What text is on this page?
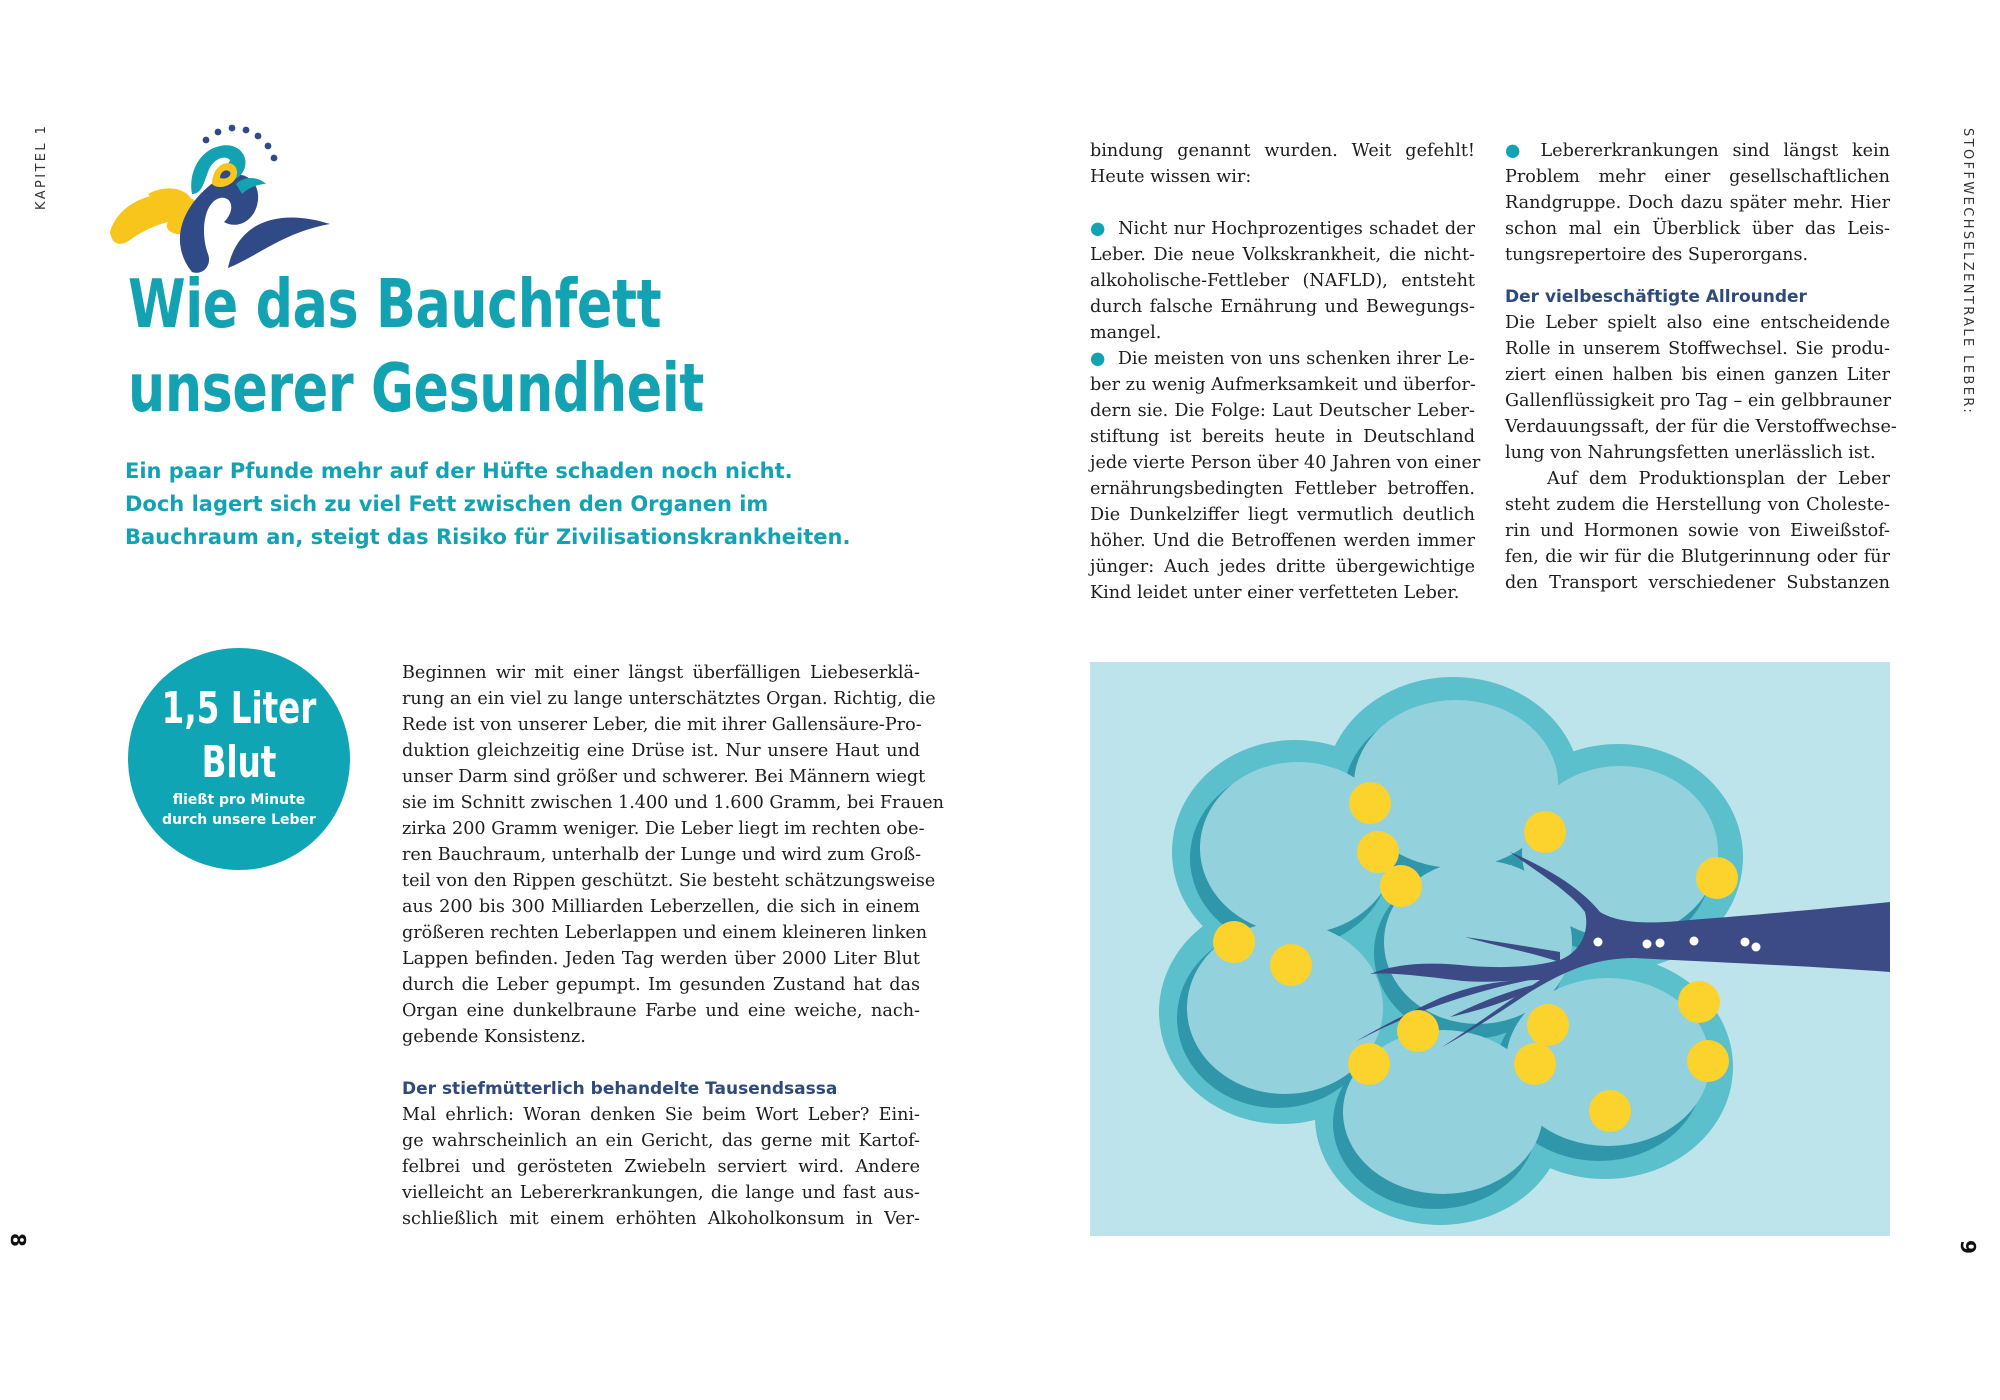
KAPITEL 1	STOFFWECHSELZENTRALE LEBER:
8
9
Wie das Bauchfett
unserer Gesundheit

Ein paar Pfunde mehr auf der Hüfte schaden noch nicht.
Doch lagert sich zu viel Fett zwischen den Organen im
Bauchraum an, steigt das Risiko für Zivilisationskrankheiten.

1,5 Liter
Blut
fließt pro Minute
durch unsere Leber

Beginnen wir mit einer längst überfälligen Liebeserklä-
rung an ein viel zu lange unterschätztes Organ. Richtig, die
Rede ist von unserer Leber, die mit ihrer Gallensäure-Pro-
duktion gleichzeitig eine Drüse ist. Nur unsere Haut und
unser Darm sind größer und schwerer. Bei Männern wiegt
sie im Schnitt zwischen 1.400 und 1.600 Gramm, bei Frauen
zirka 200 Gramm weniger. Die Leber liegt im rechten obe-
ren Bauchraum, unterhalb der Lunge und wird zum Groß-
teil von den Rippen geschützt. Sie besteht schätzungsweise
aus 200 bis 300 Milliarden Leberzellen, die sich in einem
größeren rechten Leberlappen und einem kleineren linken
Lappen befinden. Jeden Tag werden über 2000 Liter Blut
durch die Leber gepumpt. Im gesunden Zustand hat das
Organ eine dunkelbraune Farbe und eine weiche, nach-
gebende Konsistenz.

Der stiefmütterlich behandelte Tausendsassa

Mal ehrlich: Woran denken Sie beim Wort Leber? Eini-
ge wahrscheinlich an ein Gericht, das gerne mit Kartof-
felbrei und gerösteten Zwiebeln serviert wird. Andere
vielleicht an Lebererkrankungen, die lange und fast aus-
schließlich mit einem erhöhten Alkoholkonsum in Ver-

bindung genannt wurden. Weit gefehlt!
Heute wissen wir:

● Nicht nur Hochprozentiges schadet der
Leber. Die neue Volkskrankheit, die nicht-
alkoholische-Fettleber (NAFLD), entsteht
durch falsche Ernährung und Bewegungs-
mangel.

● Die meisten von uns schenken ihrer Le-
ber zu wenig Aufmerksamkeit und überfor-
dern sie. Die Folge: Laut Deutscher Leber-
stiftung ist bereits heute in Deutschland
jede vierte Person über 40 Jahren von einer
ernährungsbedingten Fettleber betroffen.
Die Dunkelziffer liegt vermutlich deutlich
höher. Und die Betroffenen werden immer
jünger: Auch jedes dritte übergewichtige
Kind leidet unter einer verfetteten Leber.

● Lebererkrankungen sind längst kein
Problem mehr einer gesellschaftlichen
Randgruppe. Doch dazu später mehr. Hier
schon mal ein Überblick über das Leis-
tungsrepertoire des Superorgans.

Der vielbeschäftigte Allrounder

Die Leber spielt also eine entscheidende
Rolle in unserem Stoffwechsel. Sie produ-
ziert einen halben bis einen ganzen Liter
Gallenflüssigkeit pro Tag – ein gelbbrauner
Verdauungssaft, der für die Verstoffwechse-
lung von Nahrungsfetten unerlässlich ist.

Auf dem Produktionsplan der Leber
steht zudem die Herstellung von Choleste-
rin und Hormonen sowie von Eiweißstof-
fen, die wir für die Blutgerinnung oder für
den Transport verschiedener Substanzen
